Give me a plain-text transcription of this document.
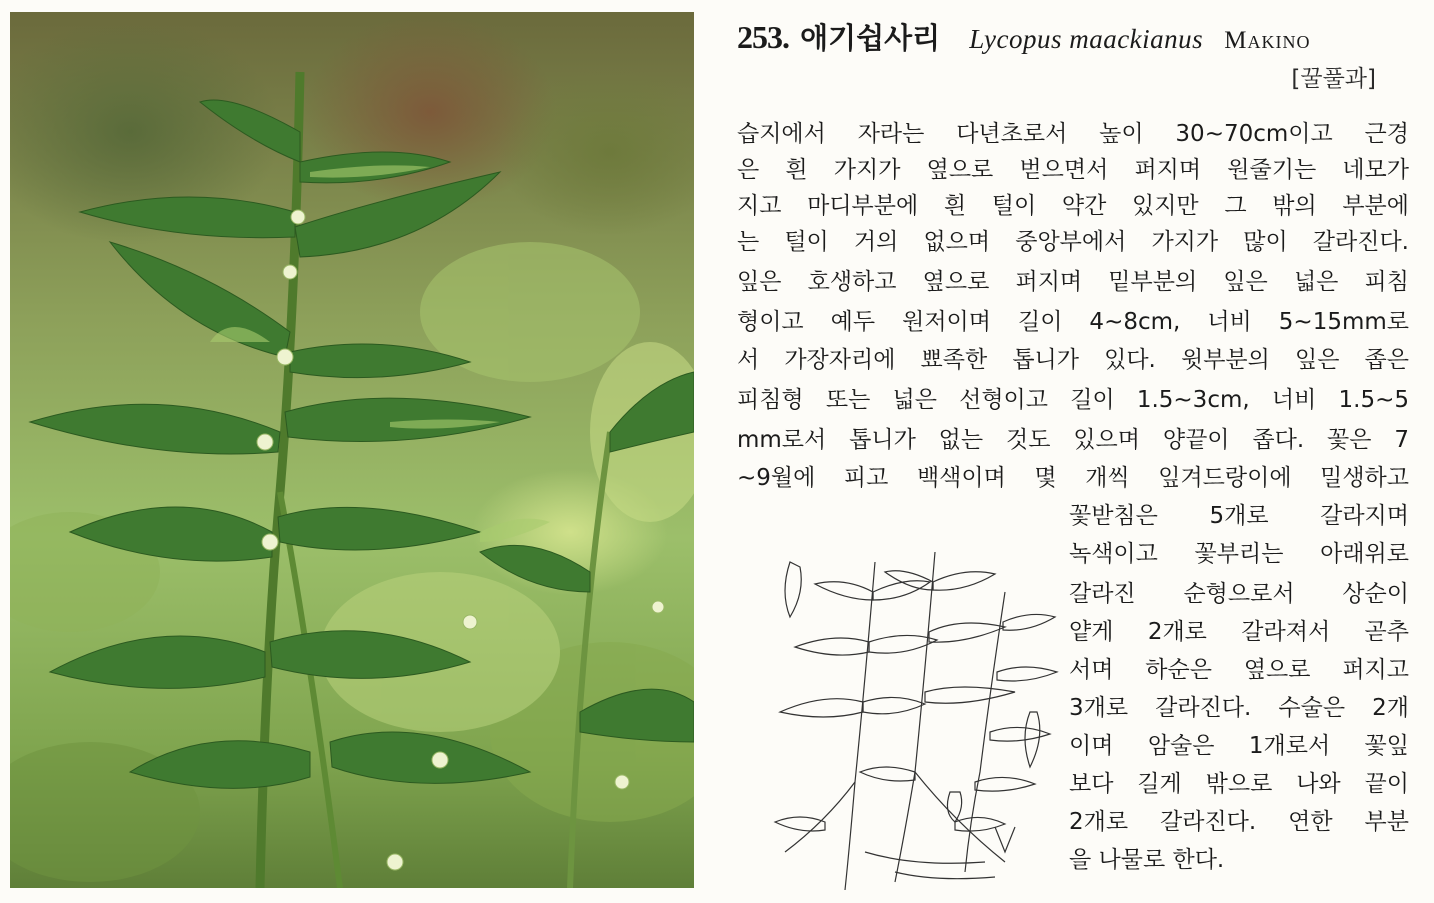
253. 애기쉽사리 Lycopus maackianus Makino
[꿀풀과]
습지에서 자라는 다년초로서 높이 30~70cm이고 근경
은 흰 가지가 옆으로 벋으면서 퍼지며 원줄기는 네모가
지고 마디부분에 흰 털이 약간 있지만 그 밖의 부분에
는 털이 거의 없으며 중앙부에서 가지가 많이 갈라진다.
잎은 호생하고 옆으로 퍼지며 밑부분의 잎은 넓은 피침
형이고 예두 원저이며 길이 4~8cm, 너비 5~15mm로
서 가장자리에 뾰족한 톱니가 있다. 윗부분의 잎은 좁은
피침형 또는 넓은 선형이고 길이 1.5~3cm, 너비 1.5~5
mm로서 톱니가 없는 것도 있으며 양끝이 좁다. 꽃은 7
~9월에 피고 백색이며 몇 개씩 잎겨드랑이에 밀생하고
꽃받침은 5개로 갈라지며
녹색이고 꽃부리는 아래위로
갈라진 순형으로서 상순이
얕게 2개로 갈라져서 곧추
서며 하순은 옆으로 퍼지고
3개로 갈라진다. 수술은 2개
이며 암술은 1개로서 꽃잎
보다 길게 밖으로 나와 끝이
2개로 갈라진다. 연한 부분
을 나물로 한다.
